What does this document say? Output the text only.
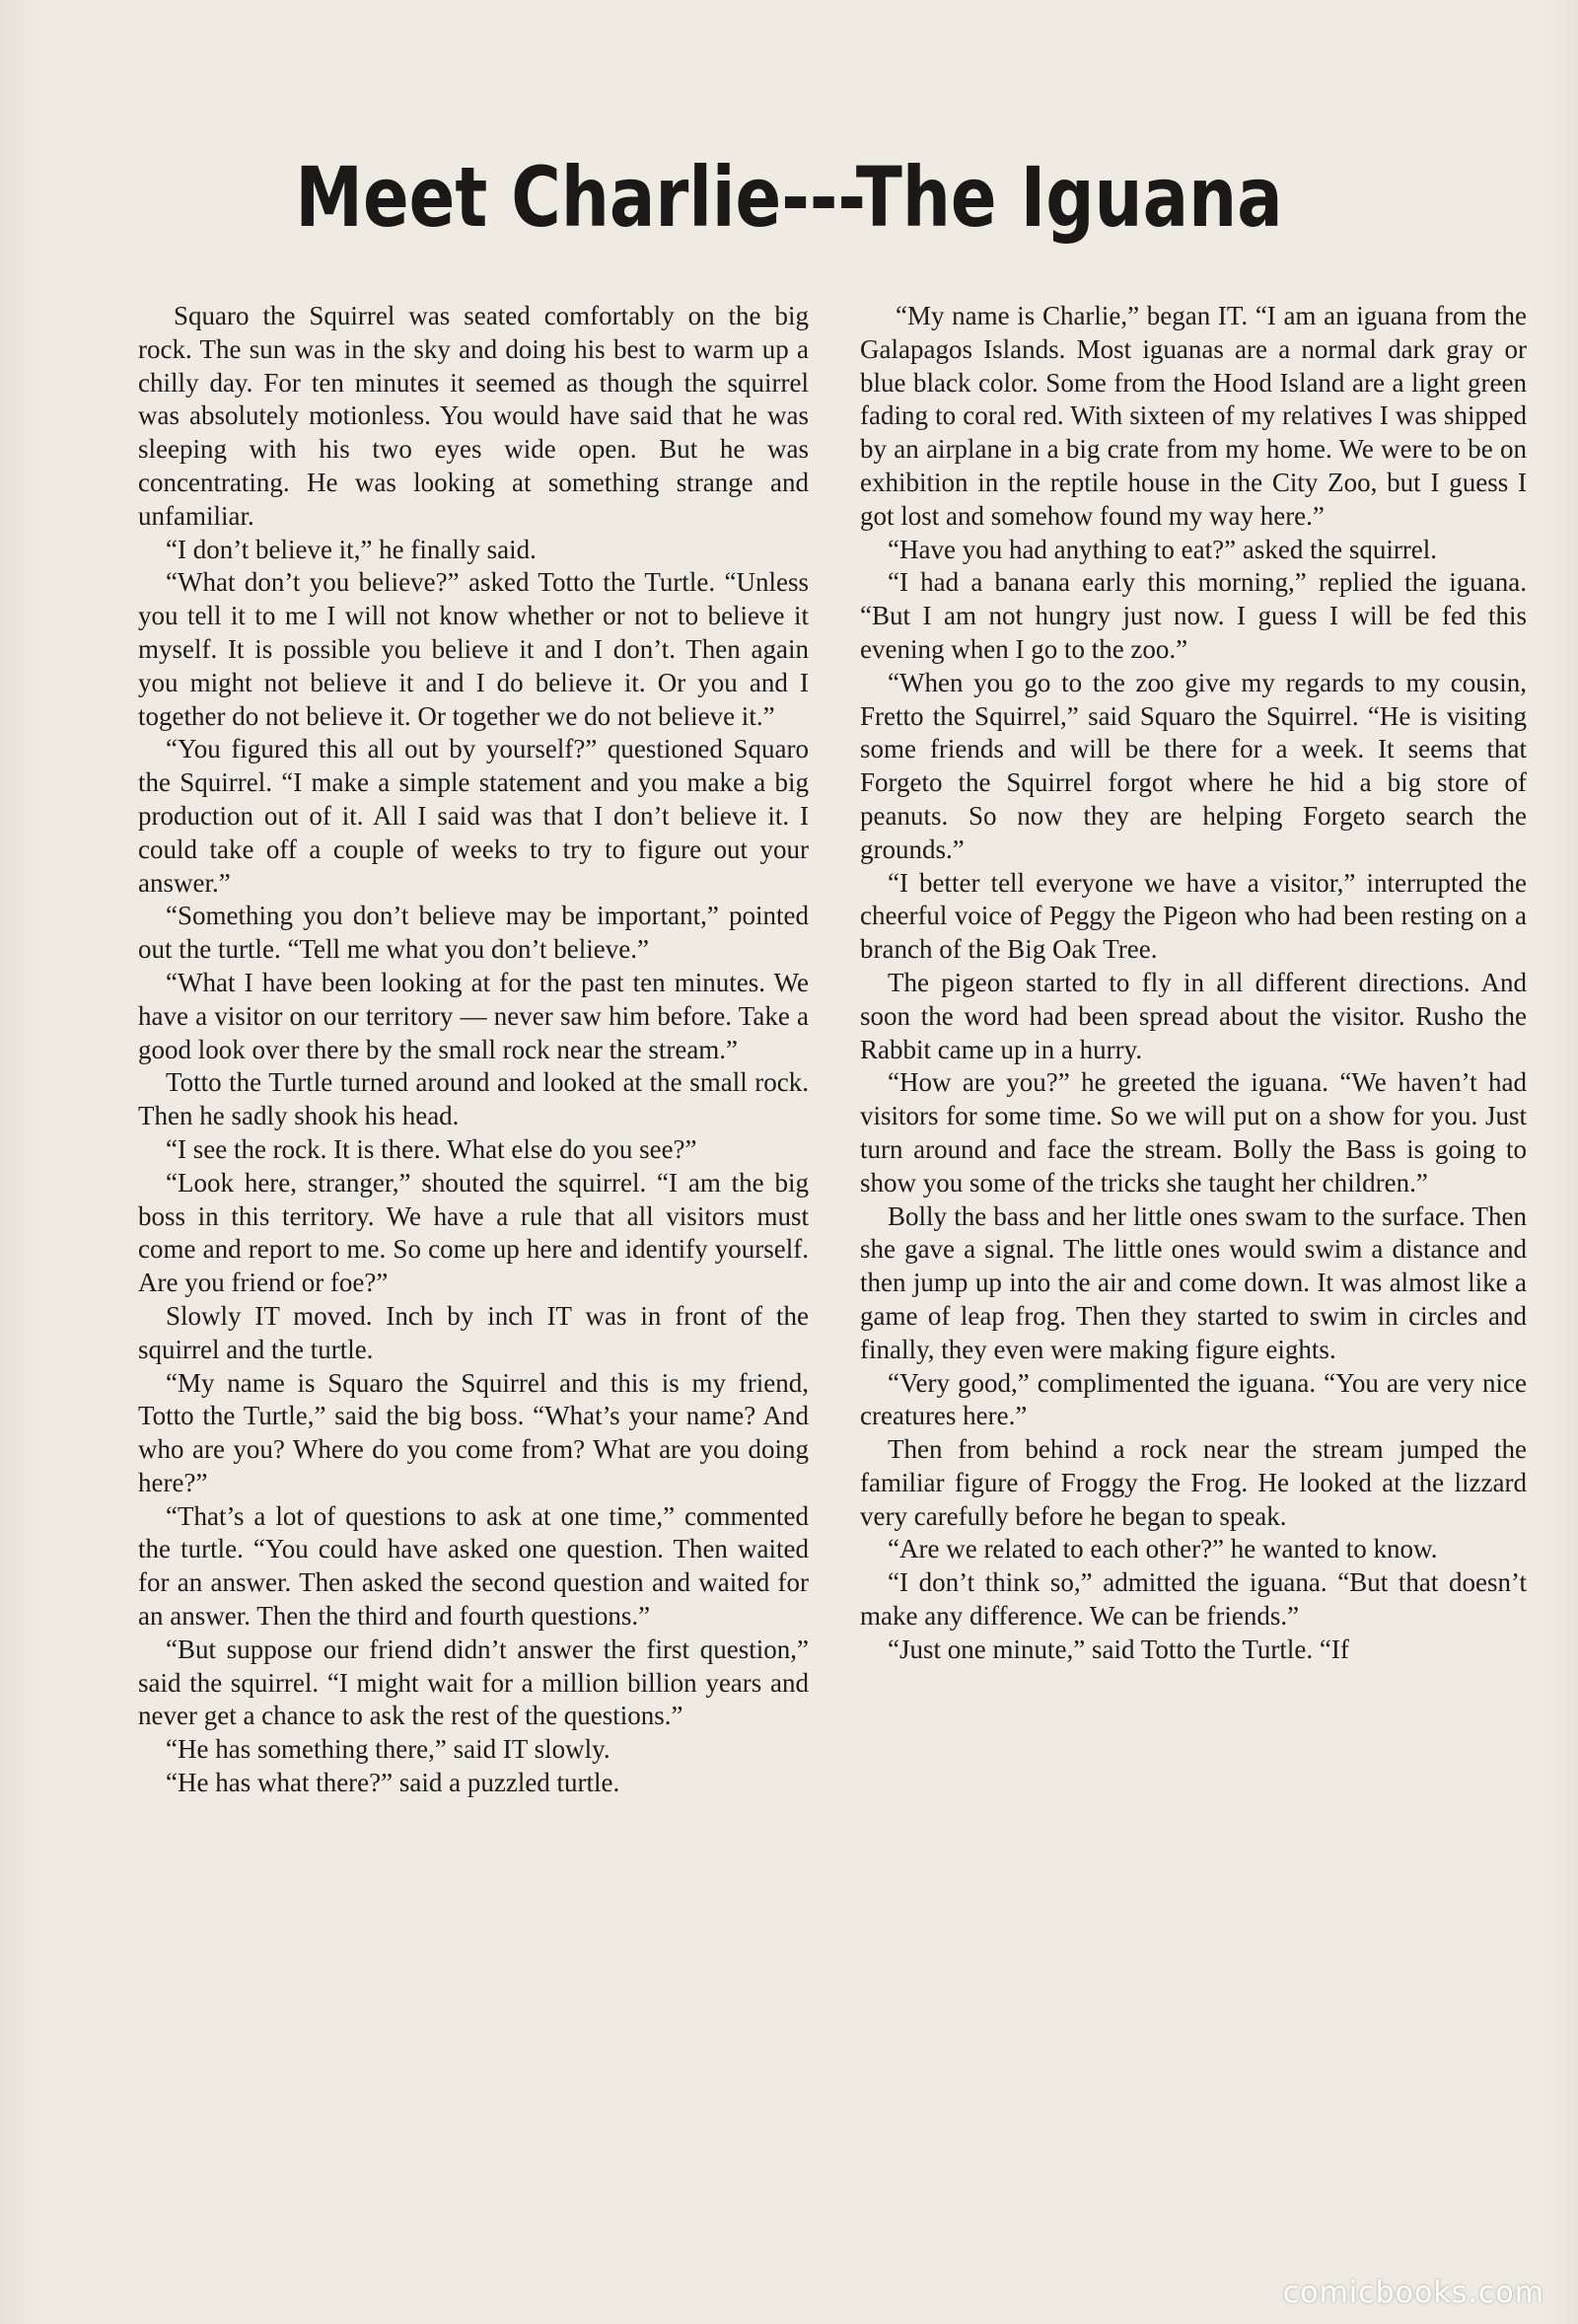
Meet Charlie---The Iguana

Squaro the Squirrel was seated comfortably on the big rock. The sun was in the sky and doing his best to warm up a chilly day. For ten minutes it seemed as though the squirrel was absolutely motionless. You would have said that he was sleeping with his two eyes wide open. But he was concentrating. He was looking at something strange and unfamiliar.

“I don’t believe it,” he finally said.

“What don’t you believe?” asked Totto the Turtle. “Unless you tell it to me I will not know whether or not to believe it myself. It is possible you believe it and I don’t. Then again you might not believe it and I do believe it. Or you and I together do not believe it. Or together we do not believe it.”

“You figured this all out by yourself?” questioned Squaro the Squirrel. “I make a simple statement and you make a big production out of it. All I said was that I don’t believe it. I could take off a couple of weeks to try to figure out your answer.”

“Something you don’t believe may be important,” pointed out the turtle. “Tell me what you don’t believe.”

“What I have been looking at for the past ten minutes. We have a visitor on our territory — never saw him before. Take a good look over there by the small rock near the stream.”

Totto the Turtle turned around and looked at the small rock. Then he sadly shook his head.

“I see the rock. It is there. What else do you see?”

“Look here, stranger,” shouted the squirrel. “I am the big boss in this territory. We have a rule that all visitors must come and report to me. So come up here and identify yourself. Are you friend or foe?”

Slowly IT moved. Inch by inch IT was in front of the squirrel and the turtle.

“My name is Squaro the Squirrel and this is my friend, Totto the Turtle,” said the big boss. “What’s your name? And who are you? Where do you come from? What are you doing here?”

“That’s a lot of questions to ask at one time,” commented the turtle. “You could have asked one question. Then waited for an answer. Then asked the second question and waited for an answer. Then the third and fourth questions.”

“But suppose our friend didn’t answer the first question,” said the squirrel. “I might wait for a million billion years and never get a chance to ask the rest of the questions.”

“He has something there,” said IT slowly.

“He has what there?” said a puzzled turtle.

“My name is Charlie,” began IT. “I am an iguana from the Galapagos Islands. Most iguanas are a normal dark gray or blue black color. Some from the Hood Island are a light green fading to coral red. With sixteen of my relatives I was shipped by an airplane in a big crate from my home. We were to be on exhibition in the reptile house in the City Zoo, but I guess I got lost and somehow found my way here.”

“Have you had anything to eat?” asked the squirrel.

“I had a banana early this morning,” replied the iguana. “But I am not hungry just now. I guess I will be fed this evening when I go to the zoo.”

“When you go to the zoo give my regards to my cousin, Fretto the Squirrel,” said Squaro the Squirrel. “He is visiting some friends and will be there for a week. It seems that Forgeto the Squirrel forgot where he hid a big store of peanuts. So now they are helping Forgeto search the grounds.”

“I better tell everyone we have a visitor,” interrupted the cheerful voice of Peggy the Pigeon who had been resting on a branch of the Big Oak Tree.

The pigeon started to fly in all different directions. And soon the word had been spread about the visitor. Rusho the Rabbit came up in a hurry.

“How are you?” he greeted the iguana. “We haven’t had visitors for some time. So we will put on a show for you. Just turn around and face the stream. Bolly the Bass is going to show you some of the tricks she taught her children.”

Bolly the bass and her little ones swam to the surface. Then she gave a signal. The little ones would swim a distance and then jump up into the air and come down. It was almost like a game of leap frog. Then they started to swim in circles and finally, they even were making figure eights.

“Very good,” complimented the iguana. “You are very nice creatures here.”

Then from behind a rock near the stream jumped the familiar figure of Froggy the Frog. He looked at the lizzard very carefully before he began to speak.

“Are we related to each other?” he wanted to know.

“I don’t think so,” admitted the iguana. “But that doesn’t make any difference. We can be friends.”

“Just one minute,” said Totto the Turtle. “If

comicbooks.com
